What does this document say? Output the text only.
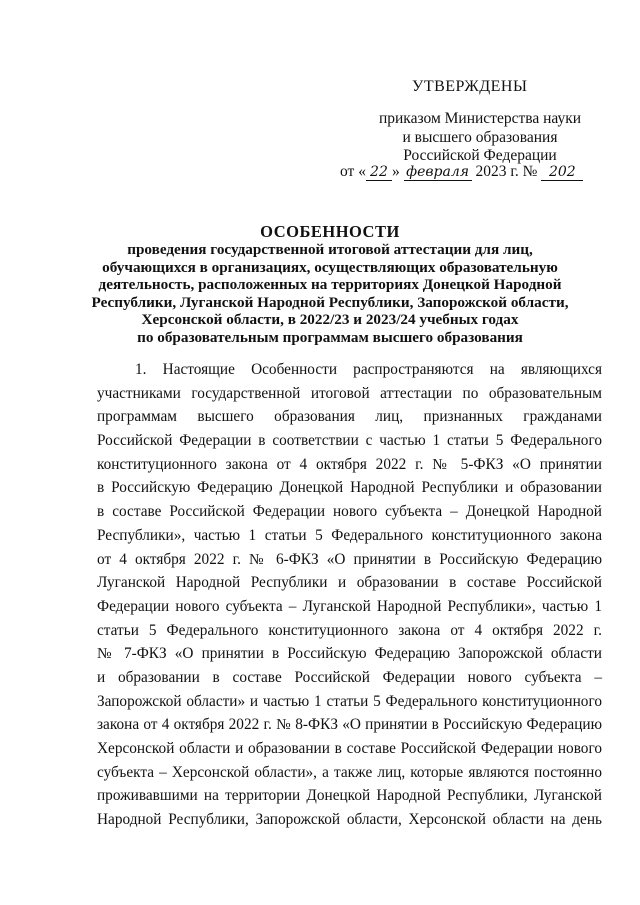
УТВЕРЖДЕНЫ
приказом Министерства науки
и высшего образования
Российской Федерации
от « 22 » февраля 2023 г. № 202
ОСОБЕННОСТИ
проведения государственной итоговой аттестации для лиц,
обучающихся в организациях, осуществляющих образовательную
деятельность, расположенных на территориях Донецкой Народной
Республики, Луганской Народной Республики, Запорожской области,
Херсонской области, в 2022/23 и 2023/24 учебных годах
по образовательным программам высшего образования
1. Настоящие Особенности распространяются на являющихся
участниками государственной итоговой аттестации по образовательным
программам высшего образования лиц, признанных гражданами
Российской Федерации в соответствии с частью 1 статьи 5 Федерального
конституционного закона от 4 октября 2022 г. № 5-ФКЗ «О принятии
в Российскую Федерацию Донецкой Народной Республики и образовании
в составе Российской Федерации нового субъекта – Донецкой Народной
Республики», частью 1 статьи 5 Федерального конституционного закона
от 4 октября 2022 г. № 6-ФКЗ «О принятии в Российскую Федерацию
Луганской Народной Республики и образовании в составе Российской
Федерации нового субъекта – Луганской Народной Республики», частью 1
статьи 5 Федерального конституционного закона от 4 октября 2022 г.
№ 7-ФКЗ «О принятии в Российскую Федерацию Запорожской области
и образовании в составе Российской Федерации нового субъекта –
Запорожской области» и частью 1 статьи 5 Федерального конституционного
закона от 4 октября 2022 г. № 8-ФКЗ «О принятии в Российскую Федерацию
Херсонской области и образовании в составе Российской Федерации нового
субъекта – Херсонской области», а также лиц, которые являются постоянно
проживавшими на территории Донецкой Народной Республики, Луганской
Народной Республики, Запорожской области, Херсонской области на день
